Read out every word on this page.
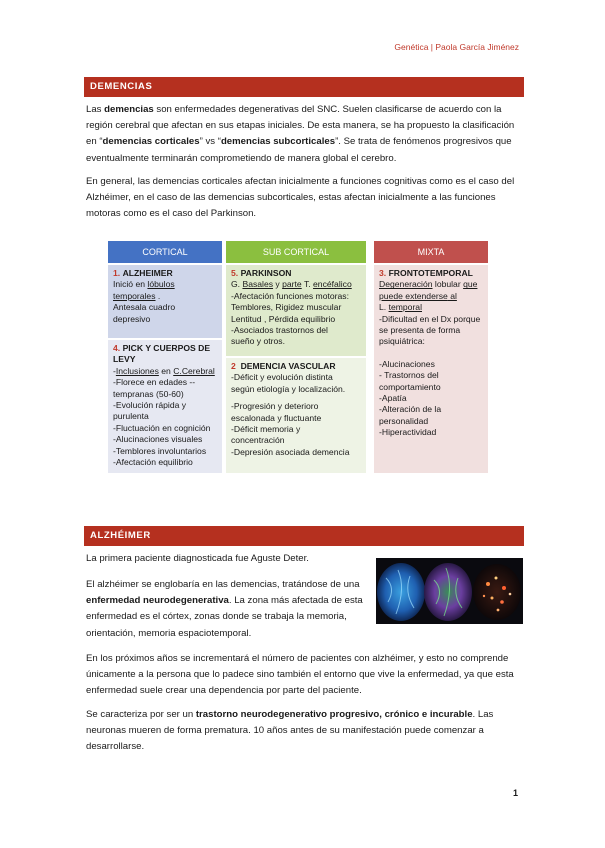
Genética | Paola García Jiménez
DEMENCIAS
Las demencias son enfermedades degenerativas del SNC. Suelen clasificarse de acuerdo con la región cerebral que afectan en sus etapas iniciales. De esta manera, se ha propuesto la clasificación en “demencias corticales” vs “demencias subcorticales”. Se trata de fenómenos progresivos que eventualmente terminarán comprometiendo de manera global el cerebro.
En general, las demencias corticales afectan inicialmente a funciones cognitivas como es el caso del Alzhéimer, en el caso de las demencias subcorticales, estas afectan inicialmente a las funciones motoras como es el caso del Parkinson.
CORTICAL
1. ALZHEIMER
Inició en lóbulos
temporales .
Antesala cuadro
depresivo
4. PICK Y CUERPOS DE LEVY
-Inclusiones en C.Cerebral
-Florece en edades --
tempranas (50-60)
-Evolución rápida y
purulenta
-Fluctuación en cognición
-Alucinaciones visuales
-Temblores involuntarios
-Afectación equilibrio
SUB CORTICAL
5. PARKINSON
G. Basales y parte T. encéfalico
-Afectación funciones motoras:
Temblores, Rigidez muscular
Lentitud , Pérdida equilibrio
-Asociados trastornos del
sueño y otros.
2 DEMENCIA VASCULAR
-Déficit y evolución distinta
según etiología y localización.
-Progresión y deterioro
escalonada y fluctuante
-Déficit memoria y
concentración
-Depresión asociada demencia
MIXTA
3. FRONTOTEMPORAL
Degeneración lobular que
puede extenderse al
L. temporal
-Dificultad en el Dx porque
se presenta de forma
psiquiátrica:
-Alucinaciones
- Trastornos del
comportamiento
-Apatía
-Alteración de la
personalidad
-Hiperactividad
ALZHÉIMER
La primera paciente diagnosticada fue Aguste Deter.
El alzhéimer se englobaría en las demencias, tratándose de una enfermedad neurodegenerativa. La zona más afectada de esta enfermedad es el córtex, zonas donde se trabaja la memoria, orientación, memoria espaciotemporal.
En los próximos años se incrementará el número de pacientes con alzhéimer, y esto no comprende únicamente a la persona que lo padece sino también el entorno que vive la enfermedad, ya que esta enfermedad suele crear una dependencia por parte del paciente.
Se caracteriza por ser un trastorno neurodegenerativo progresivo, crónico e incurable. Las neuronas mueren de forma prematura. 10 años antes de su manifestación puede comenzar a desarrollarse.
1
